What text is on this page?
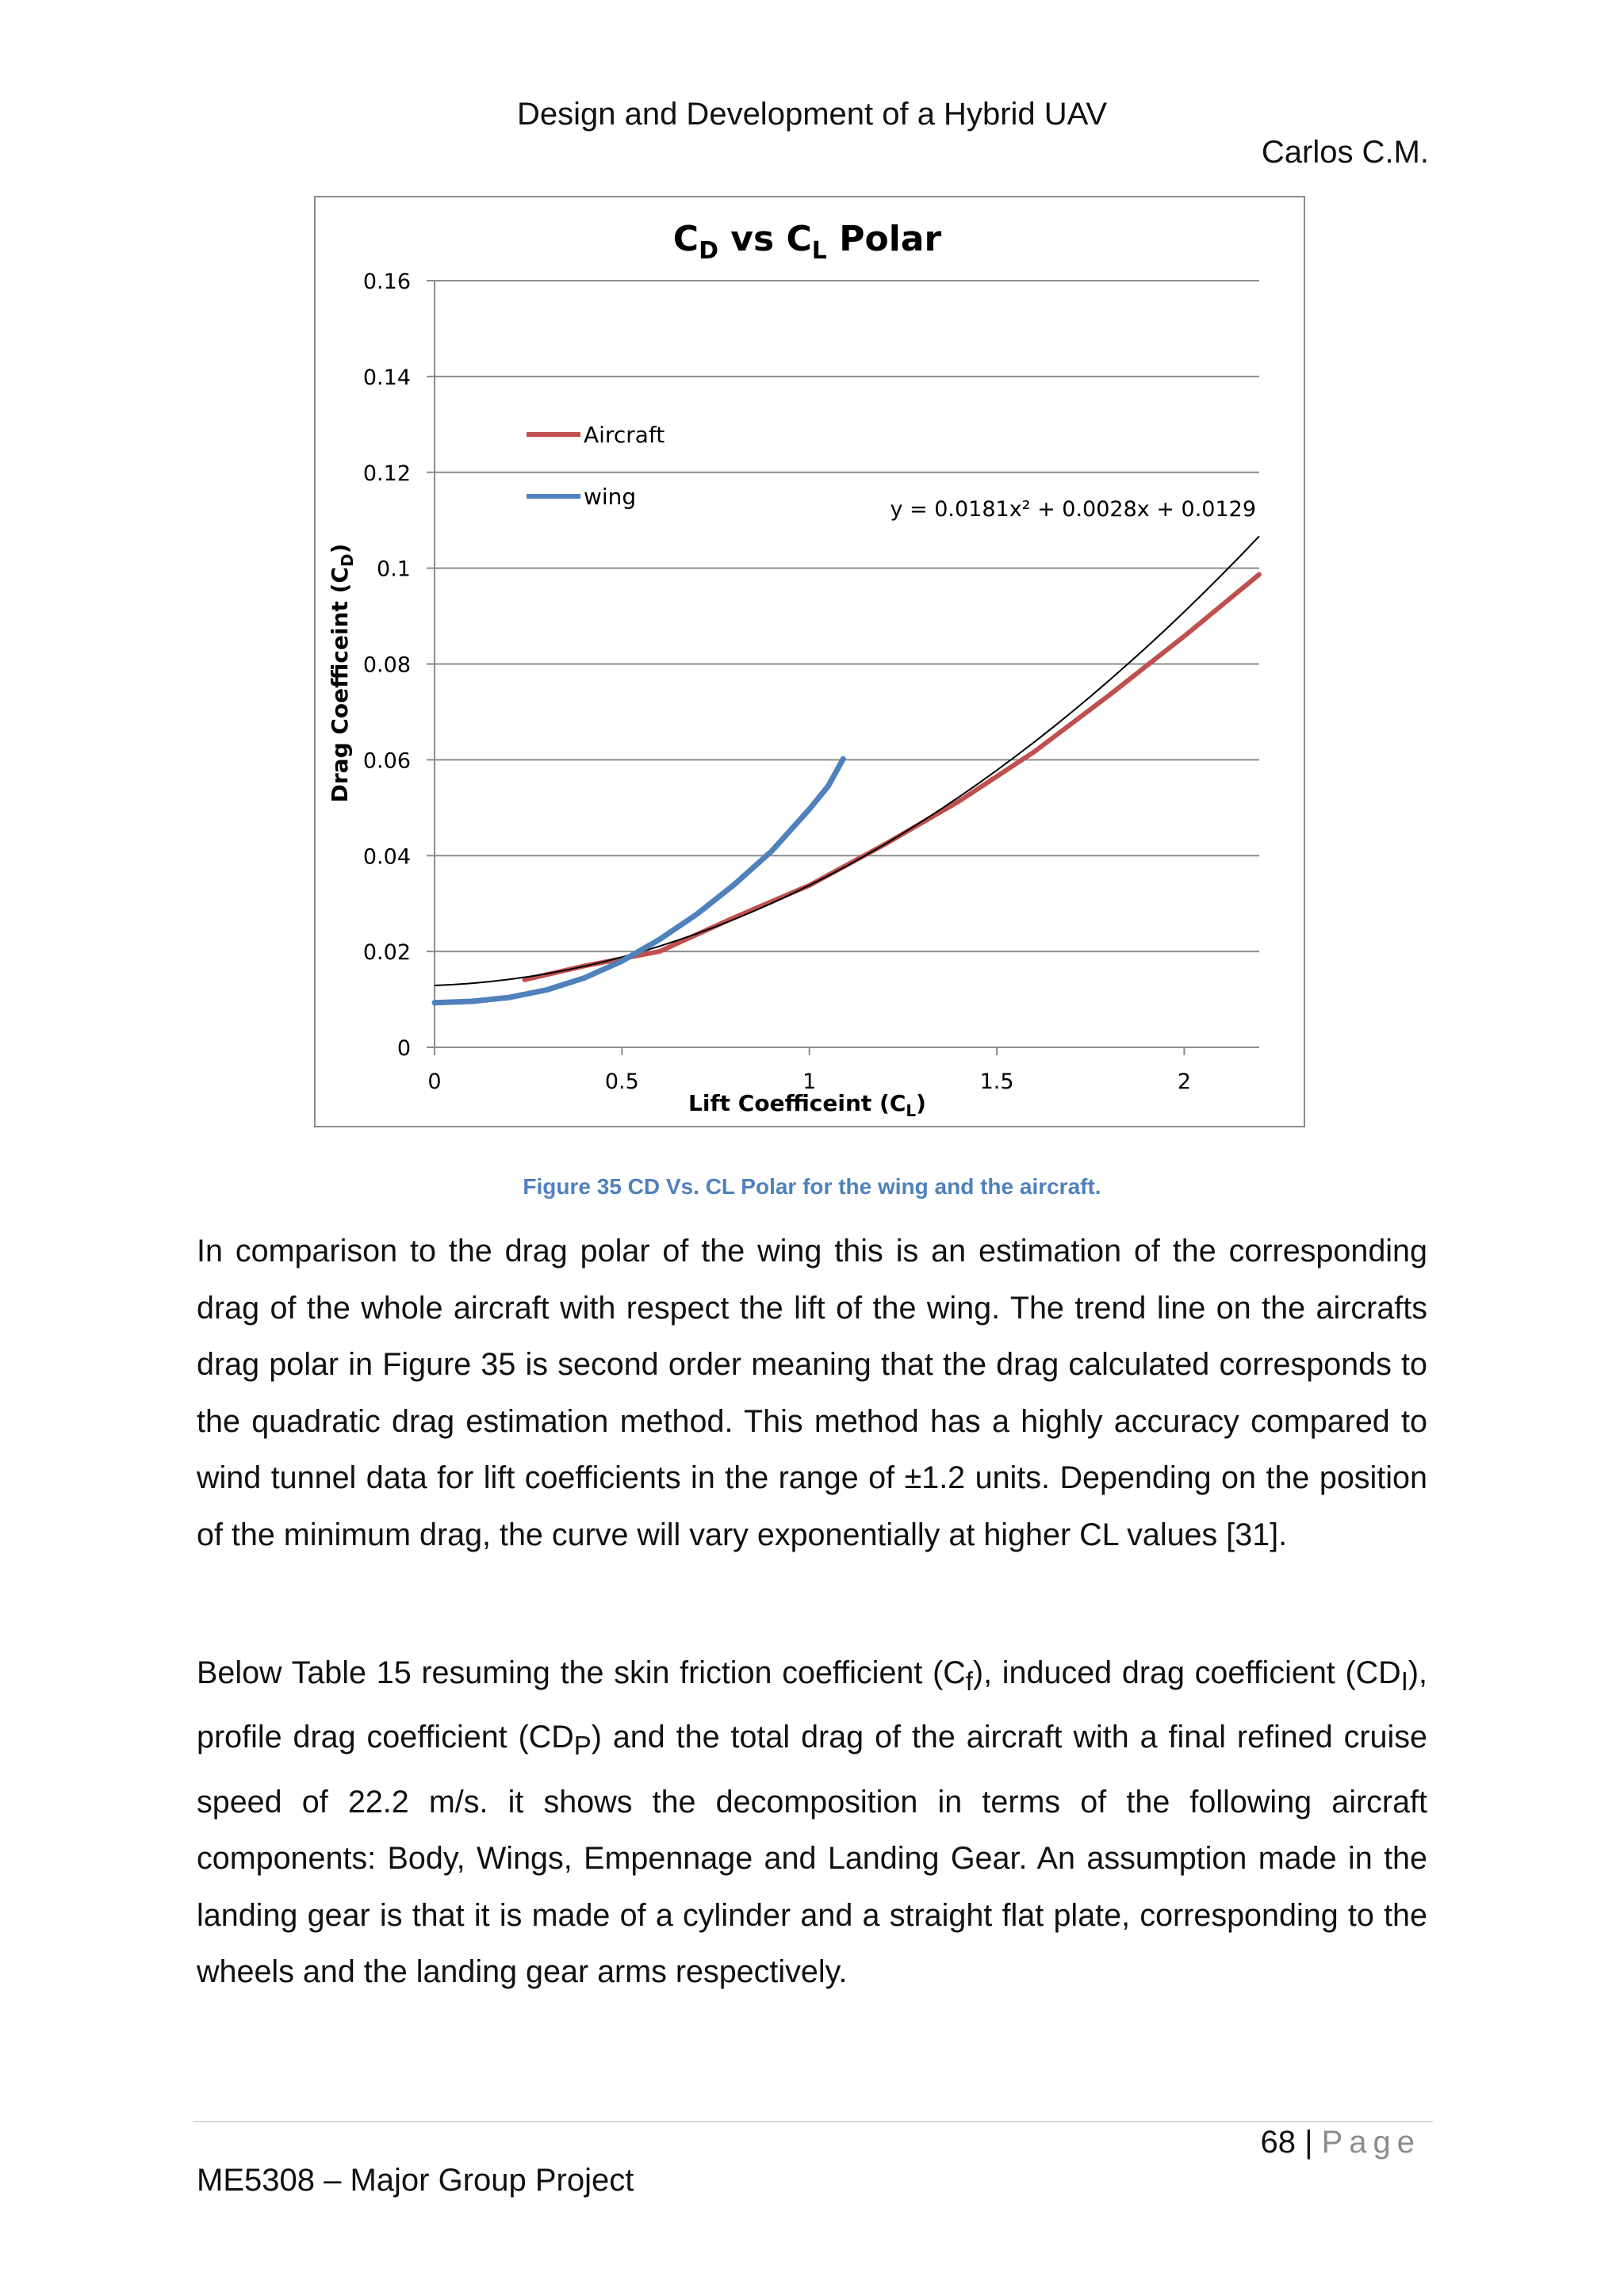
Design and Development of a Hybrid UAV
Carlos C.M.
$C_D$ vs $C_L$ Polar
0
0.02
0.04
0.06
0.08
0.1
0.12
0.14
0.16
0	0.5	1	1.5	2
Aircraft
wing	y = 0.0181x² + 0.0028x + 0.0129
Lift Coefficeint $(C_L)$
Drag Coefficeint $(C_D)$
Figure 35 CD Vs. CL Polar for the wing and the aircraft.
In comparison to the drag polar of the wing this is an estimation of the corresponding drag of the whole aircraft with respect the lift of the wing. The trend line on the aircrafts drag polar in Figure 35 is second order meaning that the drag calculated corresponds to the quadratic drag estimation method. This method has a highly accuracy compared to wind tunnel data for lift coefficients in the range of ±1.2 units. Depending on the position of the minimum drag, the curve will vary exponentially at higher CL values [31].
Below Table 15 resuming the skin friction coefficient $(C_f)$, induced drag coefficient $(CD_I)$, profile drag coefficient $(CD_P)$ and the total drag of the aircraft with a final refined cruise speed of 22.2 m/s. it shows the decomposition in terms of the following aircraft components: Body, Wings, Empennage and Landing Gear. An assumption made in the landing gear is that it is made of a cylinder and a straight flat plate, corresponding to the wheels and the landing gear arms respectively.
68 | Page
ME5308 – Major Group Project
